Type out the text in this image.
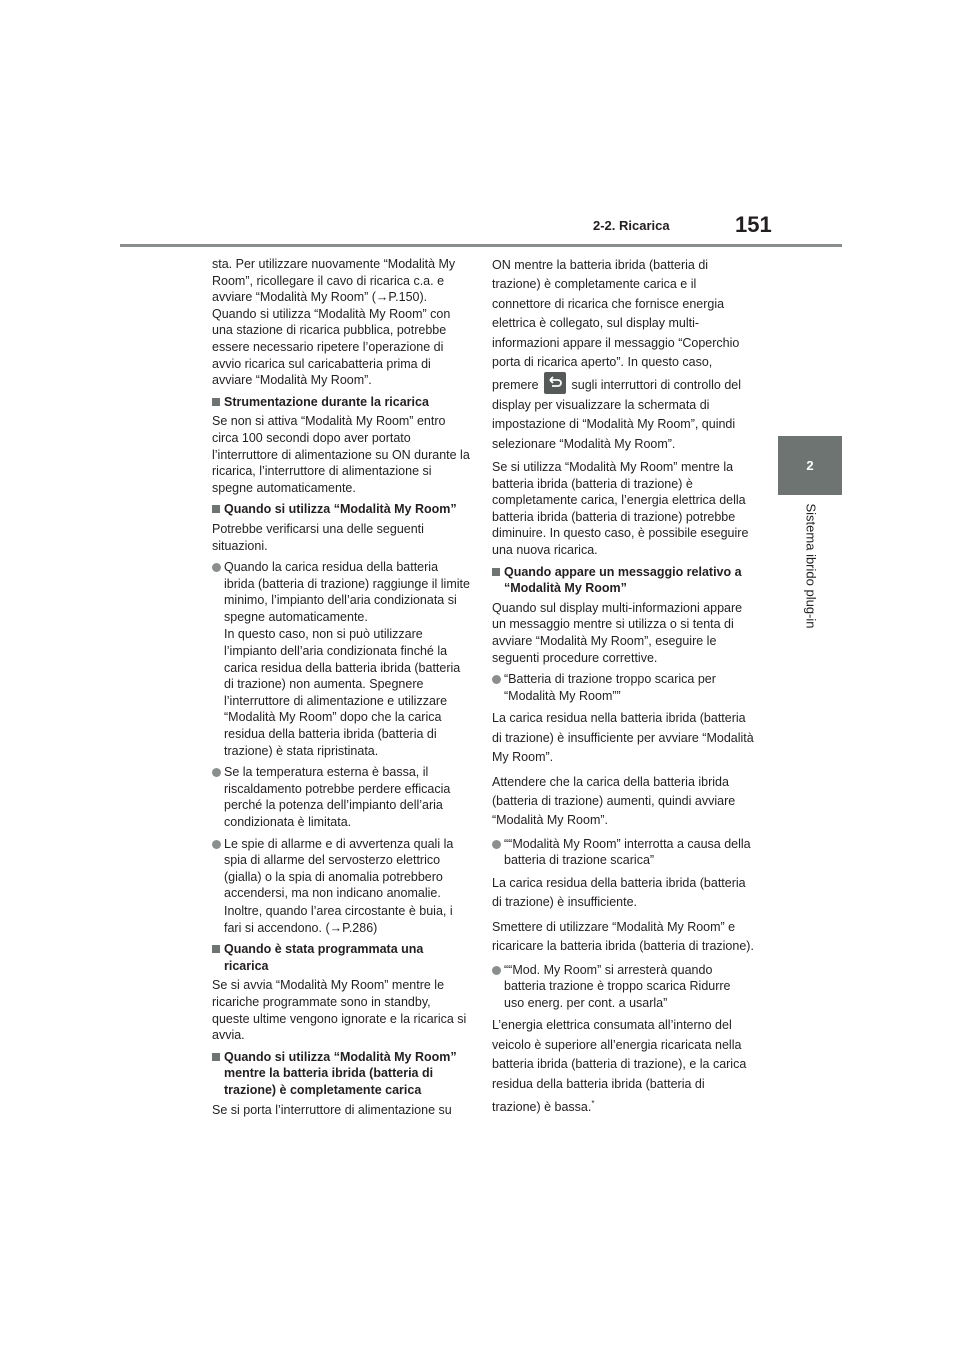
2-2. Ricarica	151
2
Sistema ibrido plug-in

sta. Per utilizzare nuovamente “Modalità My Room”, ricollegare il cavo di ricarica c.a. e avviare “Modalità My Room” (→P.150). Quando si utilizza “Modalità My Room” con una stazione di ricarica pubblica, potrebbe essere necessario ripetere l’operazione di avvio ricarica sul caricabatteria prima di avviare “Modalità My Room”.

Strumentazione durante la ricarica

Se non si attiva “Modalità My Room” entro circa 100 secondi dopo aver portato l’interruttore di alimentazione su ON durante la ricarica, l’interruttore di alimentazione si spegne automaticamente.

Quando si utilizza “Modalità My Room”

Potrebbe verificarsi una delle seguenti situazioni.

Quando la carica residua della batteria ibrida (batteria di trazione) raggiunge il limite minimo, l’impianto dell’aria condizionata si spegne automaticamente.

In questo caso, non si può utilizzare l’impianto dell’aria condizionata finché la carica residua della batteria ibrida (batteria di trazione) non aumenta. Spegnere l’interruttore di alimentazione e utilizzare “Modalità My Room” dopo che la carica residua della batteria ibrida (batteria di trazione) è stata ripristinata.

Se la temperatura esterna è bassa, il riscaldamento potrebbe perdere efficacia perché la potenza dell’impianto dell’aria condizionata è limitata.

Le spie di allarme e di avvertenza quali la spia di allarme del servosterzo elettrico (gialla) o la spia di anomalia potrebbero accendersi, ma non indicano anomalie.

Inoltre, quando l’area circostante è buia, i fari si accendono. (→P.286)

Quando è stata programmata una ricarica

Se si avvia “Modalità My Room” mentre le ricariche programmate sono in standby, queste ultime vengono ignorate e la ricarica si avvia.

Quando si utilizza “Modalità My Room” mentre la batteria ibrida (batteria di trazione) è completamente carica

Se si porta l’interruttore di alimentazione su

ON mentre la batteria ibrida (batteria di trazione) è completamente carica e il connettore di ricarica che fornisce energia elettrica è collegato, sul display multi-informazioni appare il messaggio “Coperchio porta di ricarica aperto”. In questo caso, premere	sugli interruttori di controllo del display per visualizzare la schermata di impostazione di “Modalità My Room”, quindi selezionare “Modalità My Room”.

Se si utilizza “Modalità My Room” mentre la batteria ibrida (batteria di trazione) è completamente carica, l’energia elettrica della batteria ibrida (batteria di trazione) potrebbe diminuire. In questo caso, è possibile eseguire una nuova ricarica.

Quando appare un messaggio relativo a “Modalità My Room”

Quando sul display multi-informazioni appare un messaggio mentre si utilizza o si tenta di avviare “Modalità My Room”, eseguire le seguenti procedure correttive.

“Batteria di trazione troppo scarica per “Modalità My Room””

La carica residua nella batteria ibrida (batteria di trazione) è insufficiente per avviare “Modalità My Room”.

Attendere che la carica della batteria ibrida (batteria di trazione) aumenti, quindi avviare “Modalità My Room”.

““Modalità My Room” interrotta a causa della batteria di trazione scarica”

La carica residua della batteria ibrida (batteria di trazione) è insufficiente.

Smettere di utilizzare “Modalità My Room” e ricaricare la batteria ibrida (batteria di trazione).

““Mod. My Room” si arresterà quando batteria trazione è troppo scarica Ridurre uso energ. per cont. a usarla”

L’energia elettrica consumata all’interno del veicolo è superiore all’energia ricaricata nella batteria ibrida (batteria di trazione), e la carica residua della batteria ibrida (batteria di trazione) è bassa.*
